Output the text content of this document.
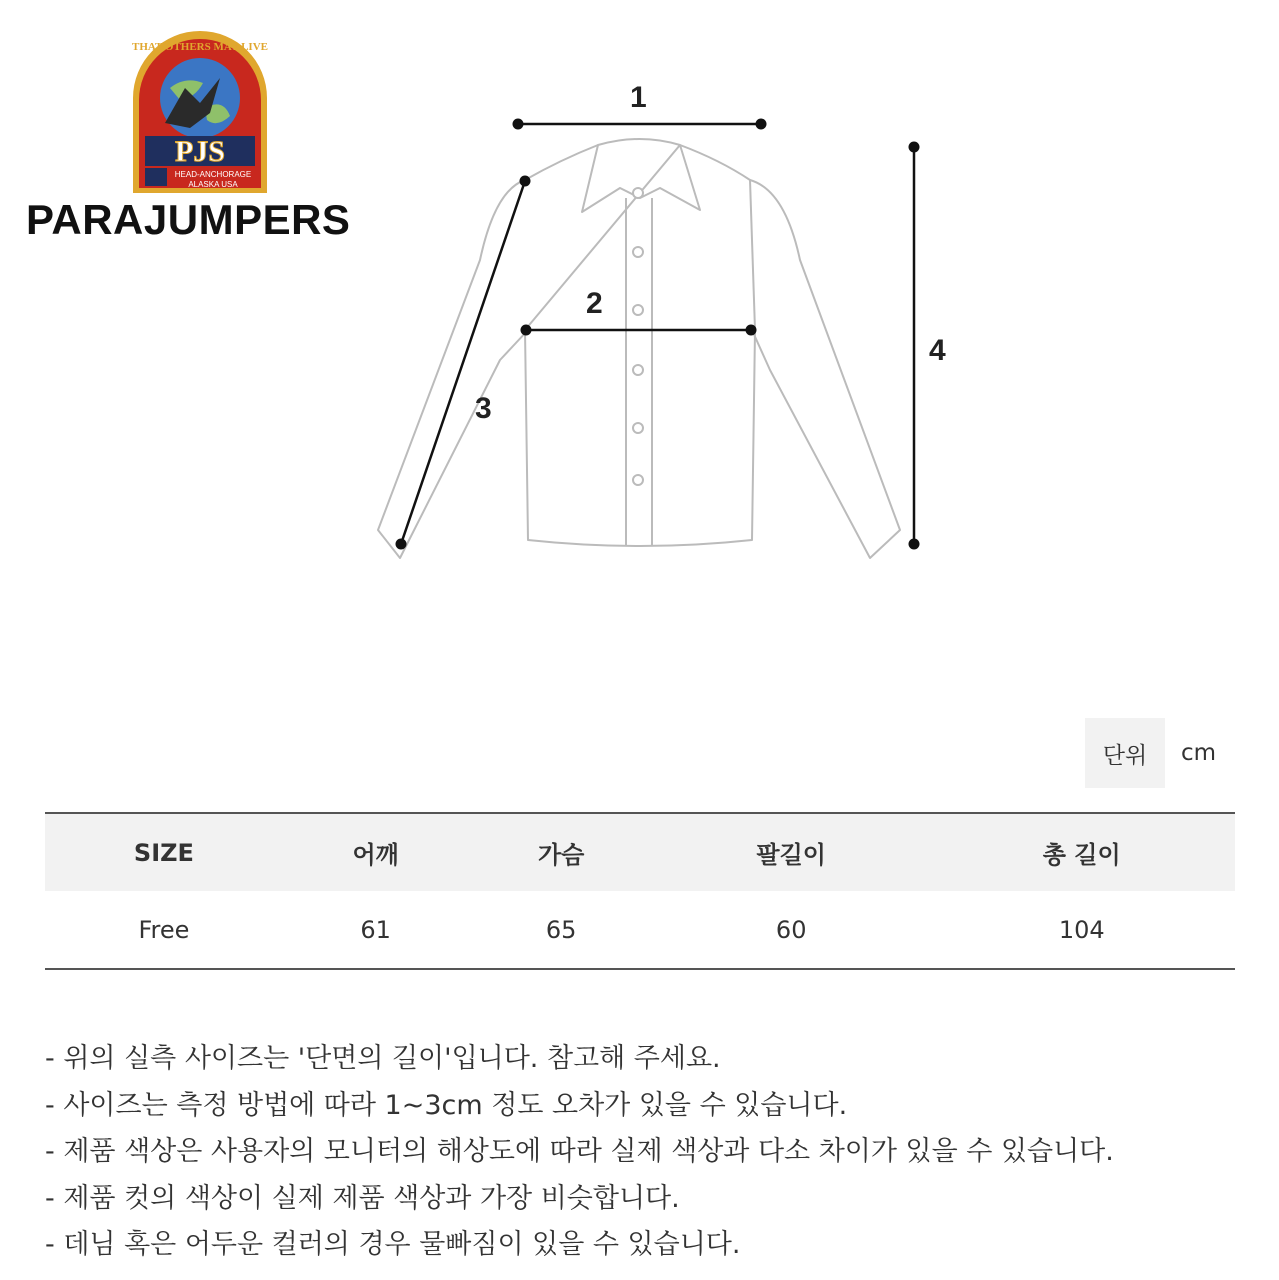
THAT OTHERS MAY LIVE
PJS
HEAD-ANCHORAGE
ALASKA USA
PARAJUMPERS
1
2
3
4
단위	cm
SIZE	어깨	가슴	팔길이	총 길이
Free	61	65	60	104
- 위의 실측 사이즈는 '단면의 길이'입니다. 참고해 주세요.
- 사이즈는 측정 방법에 따라 1~3cm 정도 오차가 있을 수 있습니다.
- 제품 색상은 사용자의 모니터의 해상도에 따라 실제 색상과 다소 차이가 있을 수 있습니다.
- 제품 컷의 색상이 실제 제품 색상과 가장 비슷합니다.
- 데님 혹은 어두운 컬러의 경우 물빠짐이 있을 수 있습니다.
